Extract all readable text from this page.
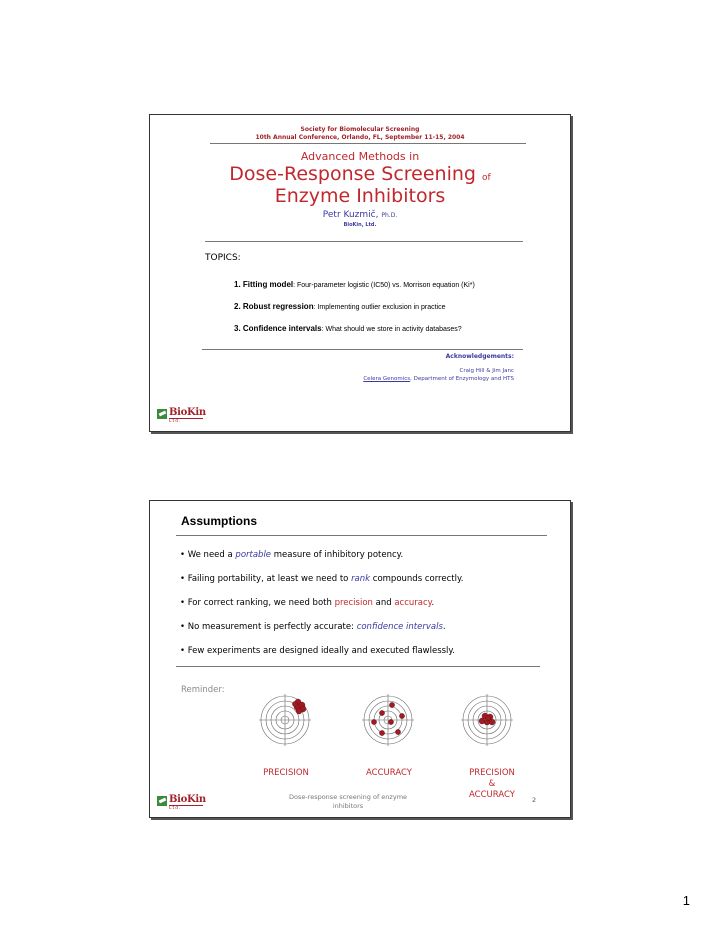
Society for Biomolecular Screening
10th Annual Conference, Orlando, FL, September 11-15, 2004
Advanced Methods in
Dose-Response Screening of
Enzyme Inhibitors
Petr Kuzmič, Ph.D.
BioKin, Ltd.
TOPICS:
1. Fitting model: Four-parameter logistic (IC50) vs. Morrison equation (Ki*)
2. Robust regression: Implementing outlier exclusion in practice
3. Confidence intervals: What should we store in activity databases?
Acknowledgements:
Craig Hill & Jim Janc
Celera Genomics, Department of Enzymology and HTS
BioKin
Ltd.
Assumptions
• We need a portable measure of inhibitory potency.
• Failing portability, at least we need to rank compounds correctly.
• For correct ranking, we need both precision and accuracy.
• No measurement is perfectly accurate: confidence intervals.
• Few experiments are designed ideally and executed flawlessly.
Reminder:
PRECISION	ACCURACY	PRECISION
&
ACCURACY
Dose-response screening of enzyme inhibitors
2
BioKin
Ltd.
1
